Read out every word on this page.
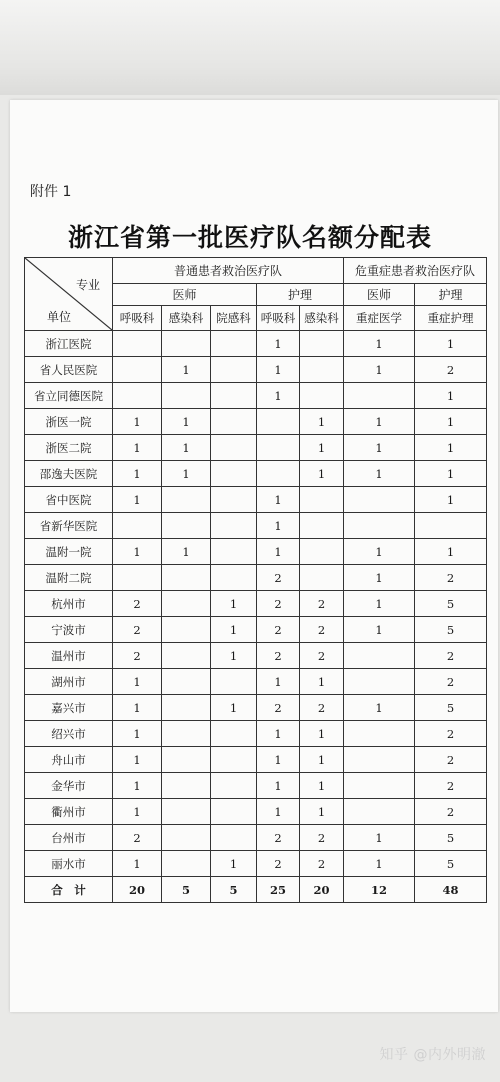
附件 1
浙江省第一批医疗队名额分配表
专业
单位	普通患者救治医疗队					危重症患者救治医疗队	
	医师			护理		医师	护理
	呼吸科	感染科	院感科	呼吸科	感染科	重症医学	重症护理
浙江医院				1		1	1
省人民医院		1		1		1	2
省立同德医院				1			1
浙医一院	1	1			1	1	1
浙医二院	1	1			1	1	1
邵逸夫医院	1	1			1	1	1
省中医院	1			1			1
省新华医院				1			
温附一院	1	1		1		1	1
温附二院				2		1	2
杭州市	2		1	2	2	1	5
宁波市	2		1	2	2	1	5
温州市	2		1	2	2		2
湖州市	1			1	1		2
嘉兴市	1		1	2	2	1	5
绍兴市	1			1	1		2
舟山市	1			1	1		2
金华市	1			1	1		2
衢州市	1			1	1		2
台州市	2			2	2	1	5
丽水市	1		1	2	2	1	5
合　计	20	5	5	25	20	12	48
知乎 @内外明澈
